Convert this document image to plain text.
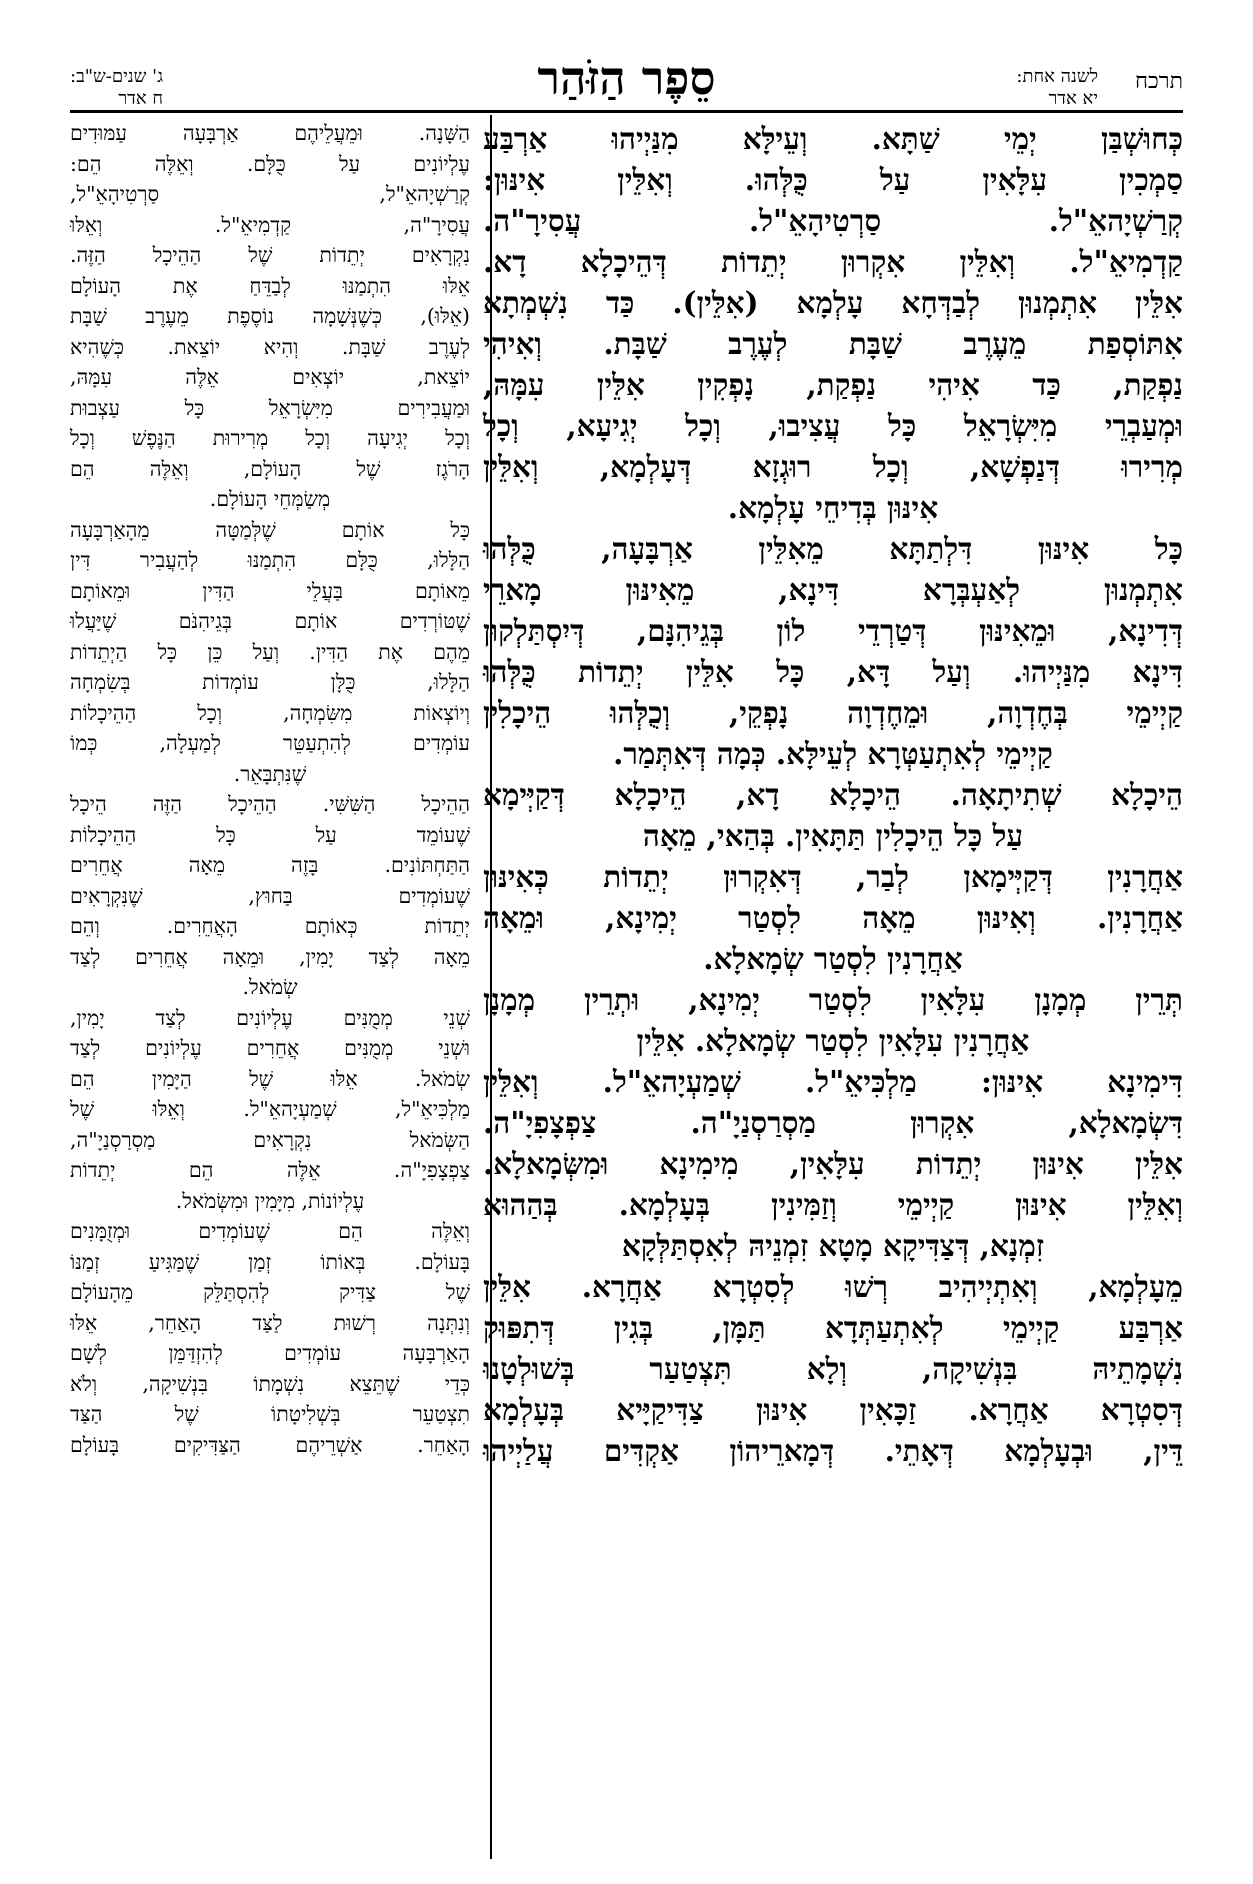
תרכח
לשנה אחת:
יא אדר
סֵפֶר הַזֹּהַר
ג' שנים-ש"ב:
ח אדר

כְּחוּשְׁבַּן יְמֵי שַׁתָּא. וְעֵילָּא מִנַּיְיהוּ אַרְבַּע

סַמְכִין עִלָּאִין עַל כֻּלְּהוּ. וְאִלֵּין אִינּוּן:

קְרַשְׁיָהאֵ"ל. סַרְטִיהָאֵ"ל. עֲסִירָ"ה.

קַדְמִיאֵ"ל. וְאִלֵּין אִקְרוּן יְתֵדוֹת דְּהֵיכָלָא דָא.

אִלֵּין אִתְמְנוּן לְבַדְּחָא עָלְמָא (אִלֵּין). כַּד נִשְׁמְתָא

אִתּוֹסְפַת מֵעֶרֶב שַׁבָּת לְעֶרֶב שַׁבָּת. וְאִיהִי

נַפְקַת, כַּד אִיהִי נַפְקַת, נָפְקִין אִלֵּין עִמָּהּ,

וּמְעַבְרֵי מִיִּשְׂרָאֵל כָּל עֲצִיבוּ, וְכָל יְגִיעָא, וְכָל

מְרִירוּ דְּנַפְשָׁא, וְכָל רוּגְזָא דְּעָלְמָא, וְאִלֵּין

אִינּוּן בְּדִיחֵי עָלְמָא.

כָּל אִינּוּן דִּלְתַתָּא מֵאִלֵּין אַרְבָּעָה, כֻּלְּהוּ

אִתְמְנוּן לְאַעְבְּרָא דִּינָא, מֵאִינּוּן מָארֵי

דְּדִינָא, וּמֵאִינּוּן דְּטַרְדֵי לוֹן בְּגֵיהִנָּם, דְּיִסְתַּלְקוּן

דִּינָא מִנַּיְיהוּ. וְעַל דָּא, כָּל אִלֵּין יְתֵדוֹת כֻּלְּהוּ

קַיְימֵי בְּחֶדְוָה, וּמֵחֶדְוָה נָפְקֵי, וְכֻלְּהוּ הֵיכָלִין

קַיְימֵי לְאִתְעַטְּרָא לְעֵילָּא. כְּמָה דְּאִתְּמַר.

הֵיכָלָא שְׁתִיתָאָה. הֵיכָלָא דָא, הֵיכָלָא דְּקַיְּימָא

עַל כָּל הֵיכָלִין תַּתָּאִין. בְּהַאי, מֵאָה

אַחֲרָנִין דְּקַיְּימָאן לְבַר, דְּאִקְרוּן יְתֵדוֹת כְּאִינּוּן

אַחֲרָנִין. וְאִינּוּן מֵאָה לִסְטַר יְמִינָא, וּמֵאָה

אַחֲרָנִין לִסְטַר שְׂמָאלָא.

תְּרֵין מְמָנָן עִלָּאִין לִסְטַר יְמִינָא, וּתְרֵין מְמָנָן

אַחֲרָנִין עִלָּאִין לִסְטַר שְׂמָאלָא. אִלֵּין

דִּימִינָא אִינּוּן: מַלְכִּיאֵ"ל. שְׁמַעְיָהאֵ"ל. וְאִלֵּין

דִּשְׂמָאלָא, אִקְרוּן מַסְרַסְנַיָ"ה. צַפְצָפִיָ"ה.

אִלֵּין אִינּוּן יְתֵדוֹת עִלָּאִין, מִימִינָא וּמִשְּׂמָאלָא.

וְאִלֵּין אִינּוּן קַיְימֵי וְזַמִּינִין בְּעָלְמָא. בְּהַהוּא

זִמְנָא, דְּצַדִּיקָא מָטָא זִמְנֵיהּ לְאִסְתַּלְּקָא

מֵעָלְמָא, וְאִתְיְיהִיב רְשׁוּ לְסִטְרָא אַחֲרָא. אִלֵּין

אַרְבַּע קַיְימֵי לְאִתְעַתְּדָא תַּמָּן, בְּגִין דְּתִפּוּק

נִשְׁמָתֵיהּ בִּנְשִׁיקָה, וְלָא תִּצְטַעַר בְּשׁוּלְטָנוּ

דְּסִטְרָא אַחֲרָא. זַכָּאִין אִינּוּן צַדִּיקַיָּיא בְּעָלְמָא

דֵּין, וּבְעָלְמָא דְּאָתֵי. דְּמָארֵיהוֹן אַקְדִּים עֲלַיְיהוּ

הַשָּׁנָה. וּמֵעֲלֵיהֶם אַרְבָּעָה עַמּוּדִים

עֶלְיוֹנִים עַל כֻּלָּם. וְאֵלֶּה הֵם:

קְרַשְׁיָהאֵ"ל, סַרְטִיהָאֵ"ל,

עֲסִירָ"ה, קַדְמִיאֵ"ל. וְאֵלּוּ

נִקְרָאִים יְתֵדוֹת שֶׁל הַהֵיכָל הַזֶּה.

אֵלּוּ הִתְמַנּוּ לְבַדֵּחַ אֶת הָעוֹלָם

(אֵלּוּ), כְּשֶׁנְּשָׁמָה נוֹסֶפֶת מֵעֶרֶב שַׁבָּת

לְעֶרֶב שַׁבָּת. וְהִיא יוֹצֵאת. כְּשֶׁהִיא

יוֹצֵאת, יוֹצְאִים אֵלֶּה עִמָּהּ,

וּמַעֲבִירִים מִיִּשְׂרָאֵל כָּל עַצְבוּת

וְכָל יְגִיעָה וְכָל מְרִירוּת הַנֶּפֶשׁ וְכָל

הָרֹגֶז שֶׁל הָעוֹלָם, וְאֵלֶּה הֵם

מְשַׂמְּחֵי הָעוֹלָם.

כָּל אוֹתָם שֶׁלְּמַטָּה מֵהָאַרְבָּעָה

הַלָּלוּ, כֻּלָּם הִתְמַנּוּ לְהַעֲבִיר דִּין

מֵאוֹתָם בַּעֲלֵי הַדִּין וּמֵאוֹתָם

שֶׁטּוֹרְדִים אוֹתָם בְּגֵיהִנֹּם שֶׁיַּעֲלוּ

מֵהֶם אֶת הַדִּין. וְעַל כֵּן כָּל הַיְתֵדוֹת

הַלָּלוּ, כֻּלָּן עוֹמְדוֹת בְּשִׂמְחָה

וְיוֹצְאוֹת מִשִּׂמְחָה, וְכָל הַהֵיכָלוֹת

עוֹמְדִים לְהִתְעַטֵּר לְמַעְלָה, כְּמוֹ

שֶׁנִּתְבָּאֵר.

הַהֵיכָל הַשִּׁשִּׁי. הַהֵיכָל הַזֶּה הֵיכָל

שֶׁעוֹמֵד עַל כָּל הַהֵיכָלוֹת

הַתַּחְתּוֹנִים. בָּזֶה מֵאָה אֲחֵרִים

שֶׁעוֹמְדִים בַּחוּץ, שֶׁנִּקְרָאִים

יְתֵדוֹת כְּאוֹתָם הָאֲחֵרִים. וְהֵם

מֵאָה לְצַד יָמִין, וּמֵאָה אֲחֵרִים לְצַד

שְׂמֹאל.

שְׁנֵי מְמֻנִּים עֶלְיוֹנִים לְצַד יָמִין,

וּשְׁנֵי מְמֻנִּים אֲחֵרִים עֶלְיוֹנִים לְצַד

שְׂמֹאל. אֵלּוּ שֶׁל הַיָּמִין הֵם

מַלְכִּיאֵ"ל, שְׁמַעְיָהאֵ"ל. וְאֵלּוּ שֶׁל

הַשְּׂמֹאל נִקְרָאִים מַסְרַסְנַיָ"ה,

צַפְצָפִיָ"ה. אֵלֶּה הֵם יְתֵדוֹת

עֶלְיוֹנוֹת, מִיָּמִין וּמִשְּׂמֹאל.

וְאֵלֶּה הֵם שֶׁעוֹמְדִים וּמְזֻמָּנִים

בָּעוֹלָם. בְּאוֹתוֹ זְמַן שֶׁמַּגִּיעַ זְמַנּוֹ

שֶׁל צַדִּיק לְהִסְתַּלֵּק מֵהָעוֹלָם

וְנִתְּנָה רְשׁוּת לַצַּד הָאַחֵר, אֵלּוּ

הָאַרְבָּעָה עוֹמְדִים לְהִזְדַּמֵּן לְשָׁם

כְּדֵי שֶׁתֵּצֵא נִשְׁמָתוֹ בִּנְשִׁיקָה, וְלֹא

תִצְטַעֵר בְּשְׁלִיטָתוֹ שֶׁל הַצַּד

הָאַחֵר. אַשְׁרֵיהֶם הַצַּדִּיקִים בָּעוֹלָם
